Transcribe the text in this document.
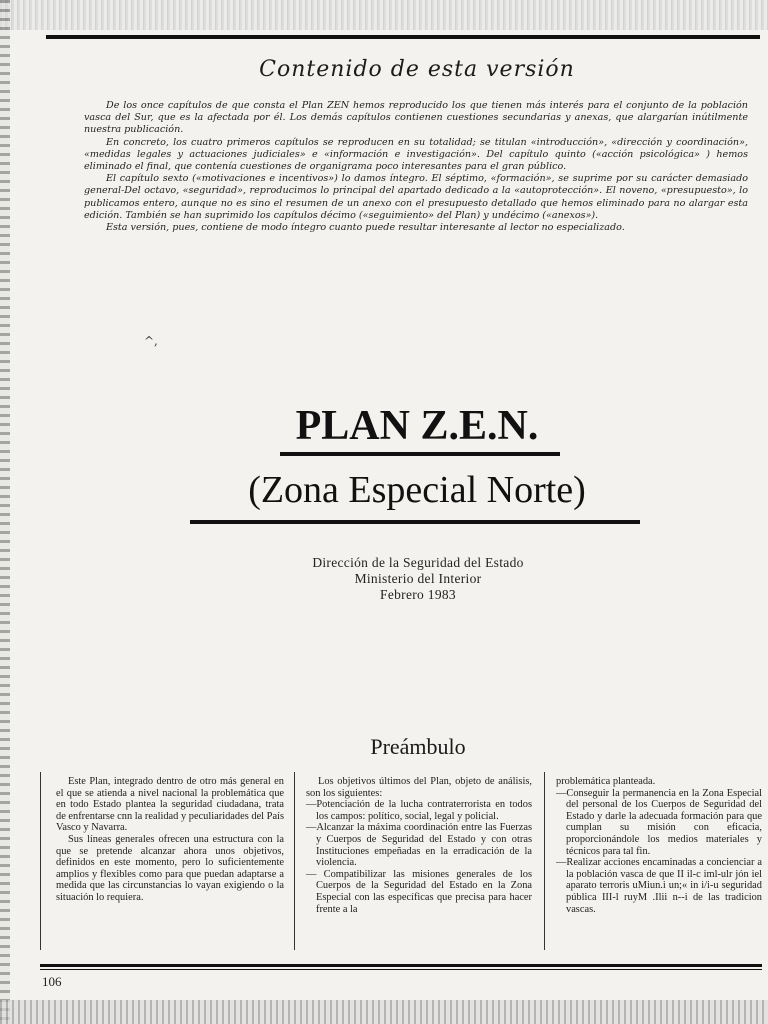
Contenido de esta versión

De los once capítulos de que consta el Plan ZEN hemos reproducido los que tienen más interés para el conjunto de la población vasca del Sur, que es la afectada por él. Los demás capítulos contienen cuestiones secundarias y anexas, que alargarían inútilmente nuestra publicación.

En concreto, los cuatro primeros capítulos se reproducen en su totalidad; se titulan «introducción», «dirección y coordinación», «medidas legales y actuaciones judiciales» e «información e investigación». Del capítulo quinto («acción psicológica» ) hemos eliminado el final, que contenía cuestiones de organigrama poco interesantes para el gran público.

El capítulo sexto («motivaciones e incentivos») lo damos íntegro. El séptimo, «formación», se suprime por su carácter demasiado general-Del octavo, «seguridad», reproducimos lo principal del apartado dedicado a la «autoprotección». El noveno, «presupuesto», lo publicamos entero, aunque no es sino el resumen de un anexo con el presupuesto detallado que hemos eliminado para no alargar esta edición. También se han suprimido los capítulos décimo («seguimiento» del Plan) y undécimo («anexos»).

Esta versión, pues, contiene de modo íntegro cuanto puede resultar interesante al lector no especializado.

^,
PLAN Z.E.N.
(Zona Especial Norte)
Dirección de la Seguridad del Estado
Ministerio del Interior
Febrero 1983
Preámbulo

Este Plan, integrado dentro de otro más general en el que se atienda a nivel nacional la problemática que en todo Estado plantea la seguridad ciudadana, trata de enfrentarse cnn la realidad y peculiaridades del País Vasco y Navarra.

Sus líneas generales ofrecen una estructura con la que se pretende alcanzar ahora unos objetivos, definidos en este momento, pero lo suficientemente amplios y flexibles como para que puedan adaptarse a medida que las circunstancias lo vayan exigiendo o la situación lo requiera.

Los objetivos últimos del Plan, objeto de análisis, son los siguientes:

—Potenciación de la lucha contraterrorista en todos los campos: político, social, legal y policial.

—Alcanzar la máxima coordinación entre las Fuerzas y Cuerpos de Seguridad del Estado y con otras Instituciones empeñadas en la erradicación de la violencia.

— Compatibilizar las misiones generales de los Cuerpos de la Seguridad del Estado en la Zona Especial con las específicas que precisa para hacer frente a la

problemática planteada.

—Conseguir la permanencia en la Zona Especial del personal de los Cuerpos de Seguridad del Estado y darle la adecuada formación para que cumplan su misión con eficacia, proporcionándole los medios materiales y técnicos para tal fin.

—Realizar acciones encaminadas a concienciar a la población vasca de que II il-c iml-ulr jón iel aparato terroris uMiun.i un;« in i/i-u seguridad pública III-l ruyM .Ilii n--i de las tradicion vascas.

106
